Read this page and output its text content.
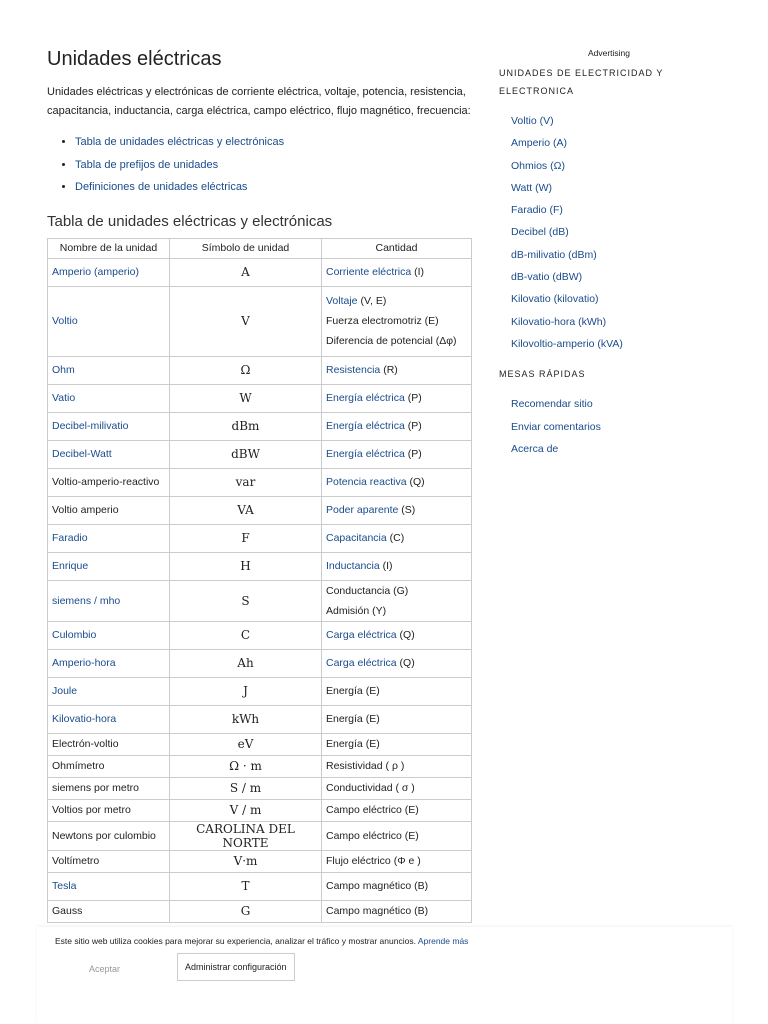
Unidades eléctricas

Unidades eléctricas y electrónicas de corriente eléctrica, voltaje, potencia, resistencia, capacitancia, inductancia, carga eléctrica, campo eléctrico, flujo magnético, frecuencia:

• Tabla de unidades eléctricas y electrónicas
• Tabla de prefijos de unidades
• Definiciones de unidades eléctricas
Tabla de unidades eléctricas y electrónicas
Nombre de la unidad	Símbolo de unidad	Cantidad
Amperio (amperio)	A	Corriente eléctrica (I)

Voltio	V	Voltaje (V, E)
Fuerza electromotriz (E)
Diferencia de potencial (Δφ)

Ohm	Ω	Resistencia (R)

Vatio	W	Energía eléctrica (P)

Decibel-milivatio	dBm	Energía eléctrica (P)

Decibel-Watt	dBW	Energía eléctrica (P)

Voltio-amperio-reactivo	var	Potencia reactiva (Q)

Voltio amperio	VA	Poder aparente (S)

Faradio	F	Capacitancia (C)

Enrique	H	Inductancia (I)

siemens / mho	S	Conductancia (G)
Admisión (Y)

Culombio	C	Carga eléctrica (Q)

Amperio-hora	Ah	Carga eléctrica (Q)

Joule	J	Energía (E)

Kilovatio-hora	kWh	Energía (E)

Electrón-voltio	eV	Energía (E)

Ohmímetro	Ω · m	Resistividad ( ρ )

siemens por metro	S / m	Conductividad ( σ )

Voltios por metro	V / m	Campo eléctrico (E)

Newtons por culombio	CAROLINA DEL NORTE	Campo eléctrico (E)

Voltímetro	V·m	Flujo eléctrico (Φ e )

Tesla	T	Campo magnético (B)

Gauss	G	Campo magnético (B)
Advertising
UNIDADES DE ELECTRICIDAD Y ELECTRONICA
Voltio (V)
Amperio (A)
Ohmios (Ω)
Watt (W)
Faradio (F)
Decibel (dB)
dB-milivatio (dBm)
dB-vatio (dBW)
Kilovatio (kilovatio)
Kilovatio-hora (kWh)
Kilovoltio-amperio (kVA)
MESAS RÁPIDAS
Recomendar sitio
Enviar comentarios
Acerca de
Este sitio web utiliza cookies para mejorar su experiencia, analizar el tráfico y mostrar anuncios. Aprende más
Aceptar	Administrar configuración
